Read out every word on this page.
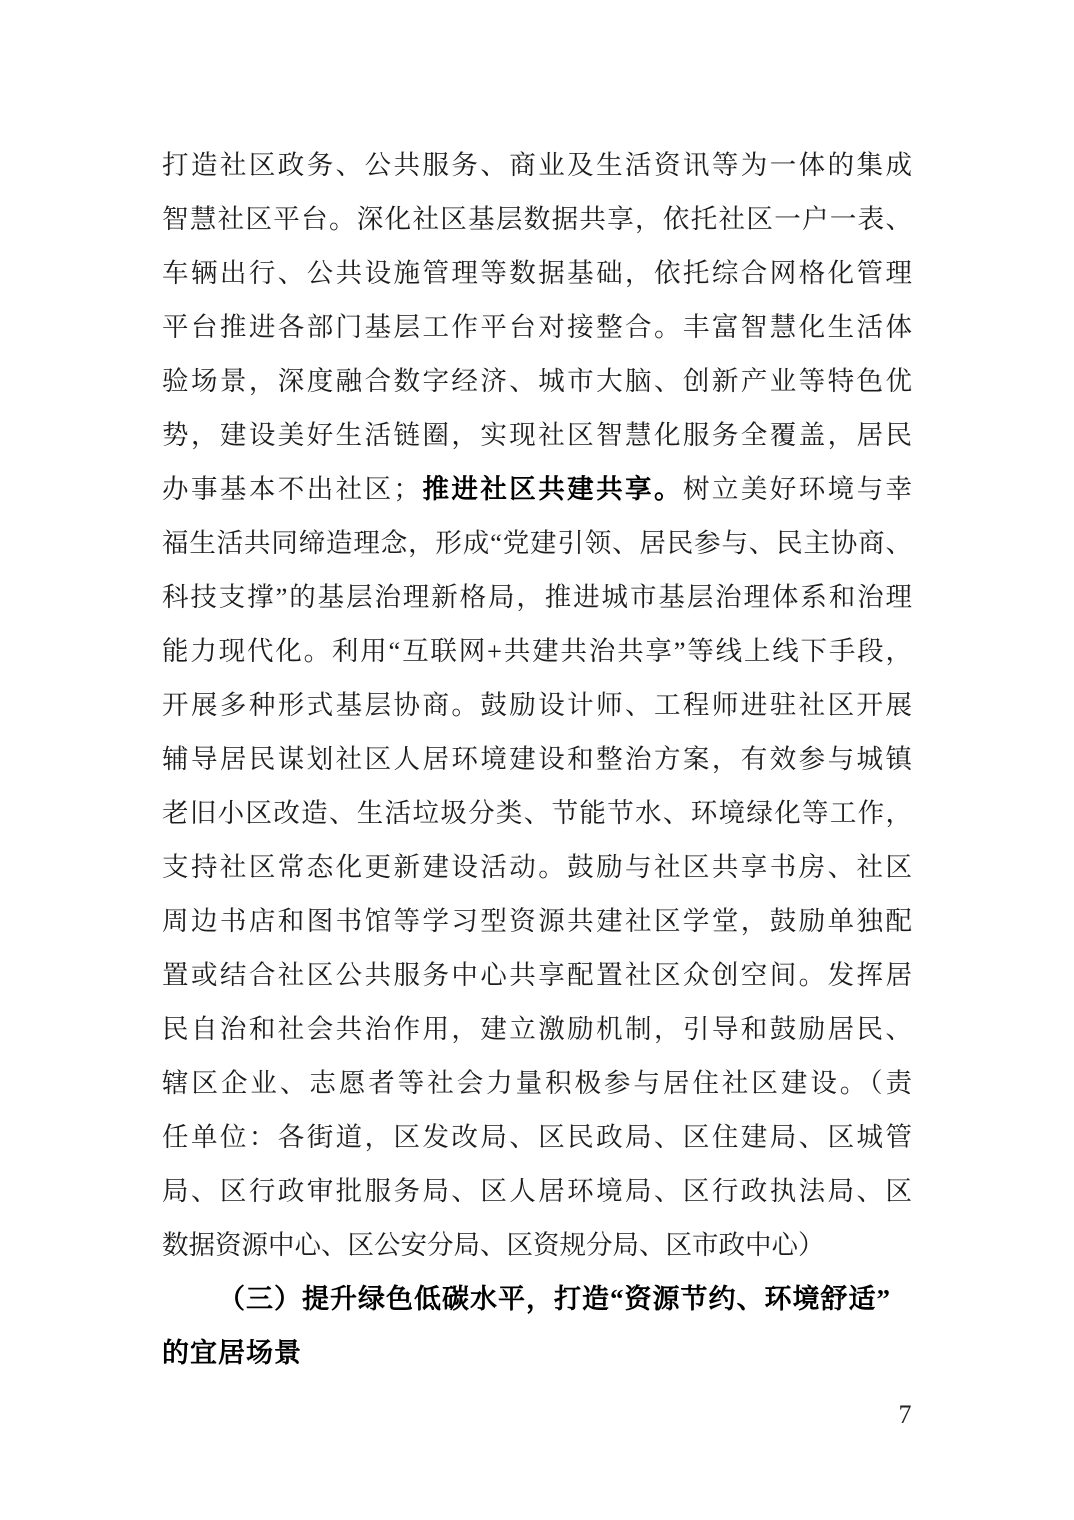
打造社区政务、公共服务、商业及生活资讯等为一体的集成
智慧社区平台。深化社区基层数据共享，依托社区一户一表、
车辆出行、公共设施管理等数据基础，依托综合网格化管理
平台推进各部门基层工作平台对接整合。丰富智慧化生活体
验场景，深度融合数字经济、城市大脑、创新产业等特色优
势，建设美好生活链圈，实现社区智慧化服务全覆盖，居民
办事基本不出社区；推进社区共建共享。树立美好环境与幸
福生活共同缔造理念，形成“党建引领、居民参与、民主协商、
科技支撑”的基层治理新格局，推进城市基层治理体系和治理
能力现代化。利用“互联网+共建共治共享”等线上线下手段，
开展多种形式基层协商。鼓励设计师、工程师进驻社区开展
辅导居民谋划社区人居环境建设和整治方案，有效参与城镇
老旧小区改造、生活垃圾分类、节能节水、环境绿化等工作，
支持社区常态化更新建设活动。鼓励与社区共享书房、社区
周边书店和图书馆等学习型资源共建社区学堂，鼓励单独配
置或结合社区公共服务中心共享配置社区众创空间。发挥居
民自治和社会共治作用，建立激励机制，引导和鼓励居民、
辖区企业、志愿者等社会力量积极参与居住社区建设。（责
任单位：各街道，区发改局、区民政局、区住建局、区城管
局、区行政审批服务局、区人居环境局、区行政执法局、区
数据资源中心、区公安分局、区资规分局、区市政中心）
（三）提升绿色低碳水平，打造“资源节约、环境舒适”
的宜居场景
7
